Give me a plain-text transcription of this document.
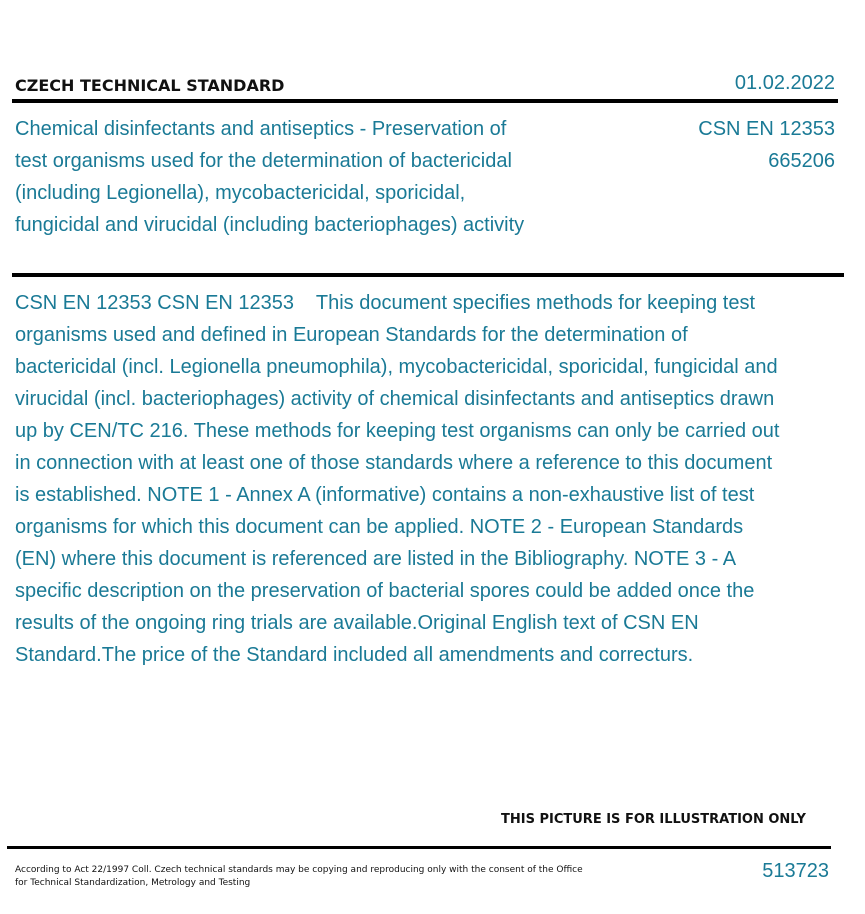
CZECH TECHNICAL STANDARD	01.02.2022
Chemical disinfectants and antiseptics - Preservation of test organisms used for the determination of bactericidal (including Legionella), mycobactericidal, sporicidal, fungicidal and virucidal (including bacteriophages) activity
CSN EN 12353
665206
CSN EN 12353 CSN EN 12353    This document specifies methods for keeping test organisms used and defined in European Standards for the determination of bactericidal (incl. Legionella pneumophila), mycobactericidal, sporicidal, fungicidal and virucidal (incl. bacteriophages) activity of chemical disinfectants and antiseptics drawn up by CEN/TC 216. These methods for keeping test organisms can only be carried out in connection with at least one of those standards where a reference to this document is established. NOTE 1 - Annex A (informative) contains a non-exhaustive list of test organisms for which this document can be applied. NOTE 2 - European Standards (EN) where this document is referenced are listed in the Bibliography. NOTE 3 - A specific description on the preservation of bacterial spores could be added once the results of the ongoing ring trials are available.Original English text of CSN EN Standard.The price of the Standard included all amendments and correcturs.
THIS PICTURE IS FOR ILLUSTRATION ONLY
According to Act 22/1997 Coll. Czech technical standards may be copying and reproducing only with the consent of the Office for Technical Standardization, Metrology and Testing
513723
